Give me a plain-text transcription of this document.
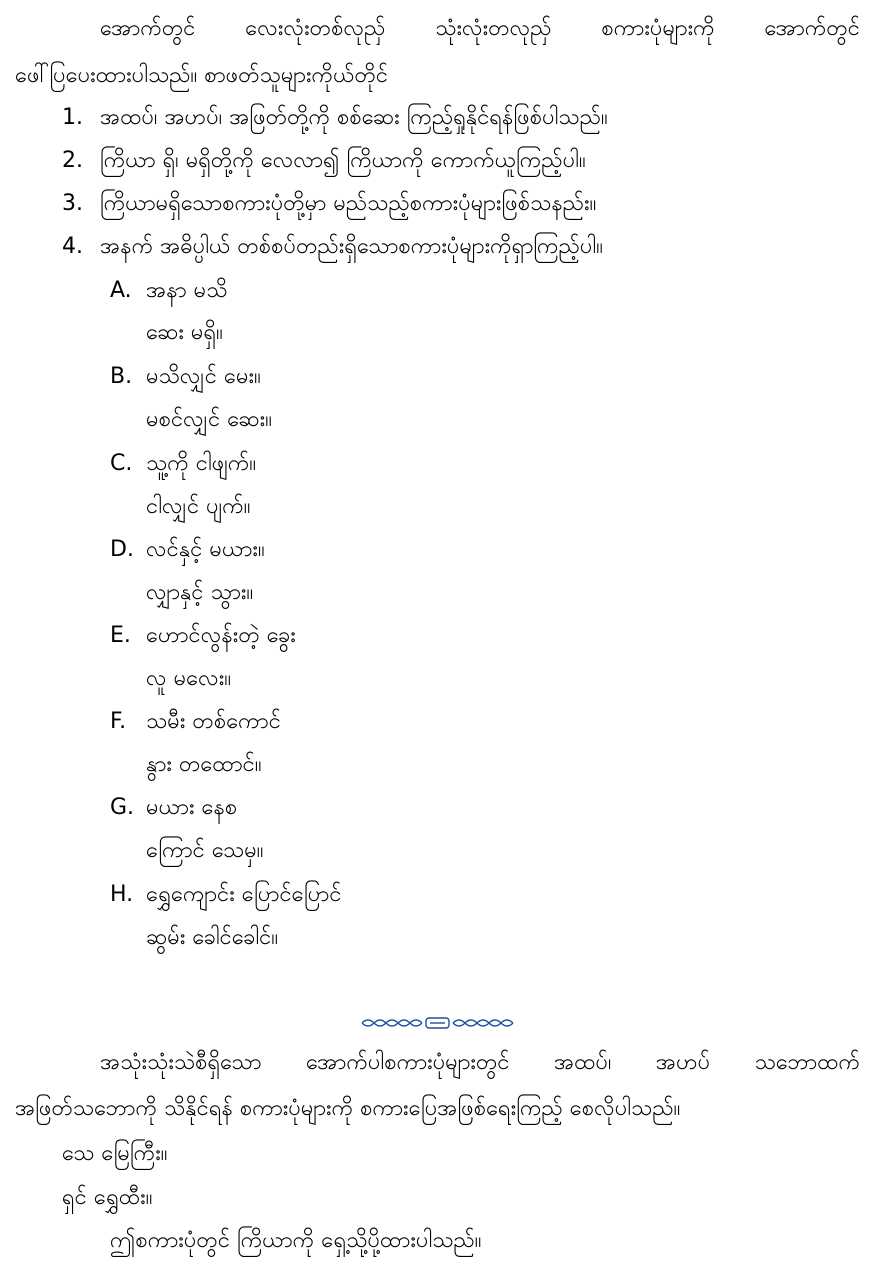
အောက်တွင် လေးလုံးတစ်လုညှ် သုံးလုံးတလုညှ် စကားပုံများကို အောက်တွင်
ဖေါ်ပြပေးထားပါသည်။ စာဖတ်သူများကိုယ်တိုင်
1. အထပ်၊ အဟပ်၊ အဖြတ်တို့ကို စစ်ဆေး ကြည့်ရှုနိုင်ရန်ဖြစ်ပါသည်။
2. ကြိယာ ရှိ၊ မရှိတို့ကို လေလာ၍ ကြိယာကို ကောက်ယူကြည့်ပါ။
3. ကြိယာမရှိသောစကားပုံတို့မှာ မည်သည့်စကားပုံများဖြစ်သနည်း။
4. အနက် အဓိပ္ပါယ် တစ်စပ်တည်းရှိသောစကားပုံများကိုရှာကြည့်ပါ။
A. အနာ မသိ
ဆေး မရှိ။
B. မသိလျှင် မေး။
မစင်လျှင် ဆေး။
C. သူ့ကို ငါဖျက်။
ငါလျှင် ပျက်။
D. လင်နှင့် မယား။
လျှာနှင့် သွား။
E. ဟောင်လွန်းတဲ့ ခွေး
လူ မလေး။
F. သမီး တစ်ကောင်
နွား တထောင်။
G. မယား နေစ
ကြောင် သေမှ။
H. ရွှေကျောင်း ပြောင်ပြောင်
ဆွမ်း ခေါင်ခေါင်။
အသုံးသုံးသဲစီရှိသော အောက်ပါစကားပုံများတွင် အထပ်၊ အဟပ် သဘောထက်
အဖြတ်သဘောကို သိနိုင်ရန် စကားပုံများကို စကားပြေအဖြစ်ရေးကြည့် စေလိုပါသည်။
သေ မြေကြီး။
ရှင် ရွှေထီး။
ဤစကားပုံတွင် ကြိယာကို ရှေ့သို့ပို့ထားပါသည်။
